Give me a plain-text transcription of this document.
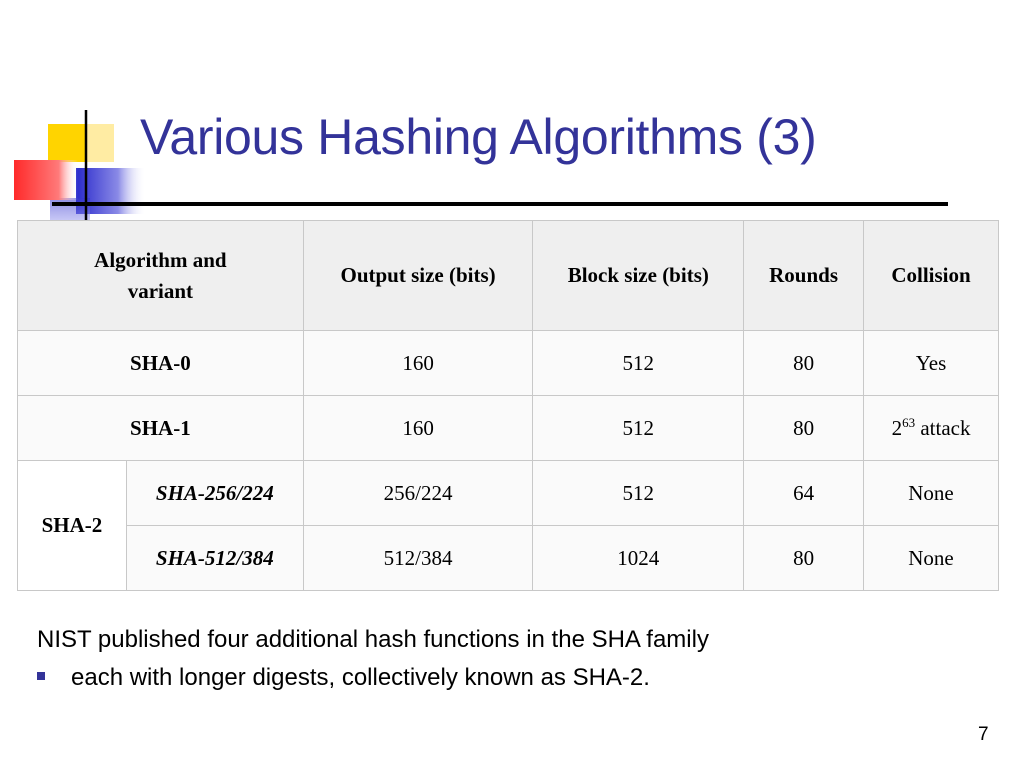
Various Hashing Algorithms (3)
Algorithm and variant		Output size (bits)	Block size (bits)	Rounds	Collision
SHA-0		160	512	80	Yes
SHA-1		160	512	80	$2^{63}$ attack
SHA-2	SHA-256/224	256/224	512	64	None
	SHA-512/384	512/384	1024	80	None
NIST published four additional hash functions in the SHA family
each with longer digests, collectively known as SHA-2.
7
